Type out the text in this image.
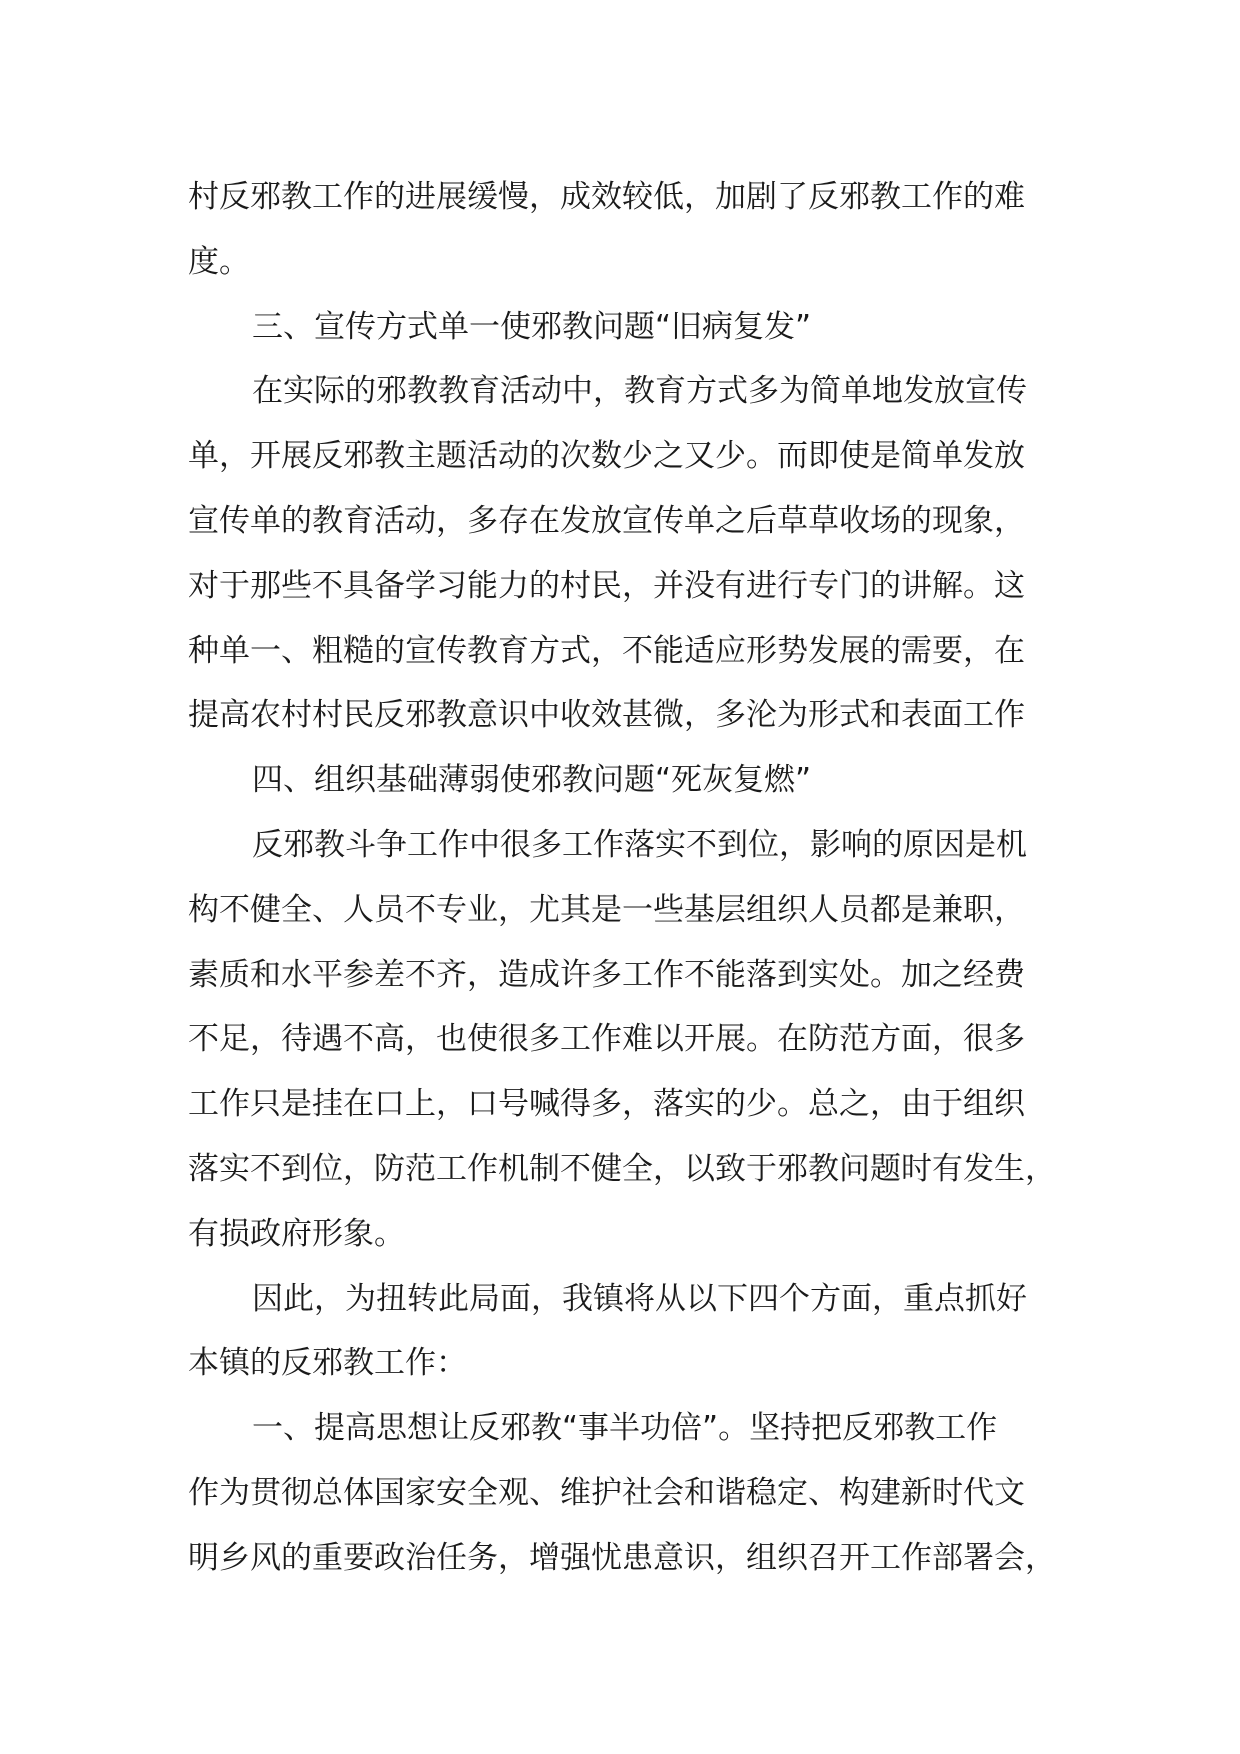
村反邪教工作的进展缓慢，成效较低，加剧了反邪教工作的难
度。
三、宣传方式单一使邪教问题“旧病复发”
在实际的邪教教育活动中，教育方式多为简单地发放宣传
单，开展反邪教主题活动的次数少之又少。而即使是简单发放
宣传单的教育活动，多存在发放宣传单之后草草收场的现象，
对于那些不具备学习能力的村民，并没有进行专门的讲解。这
种单一、粗糙的宣传教育方式，不能适应形势发展的需要，在
提高农村村民反邪教意识中收效甚微，多沦为形式和表面工作
四、组织基础薄弱使邪教问题“死灰复燃”
反邪教斗争工作中很多工作落实不到位，影响的原因是机
构不健全、人员不专业，尤其是一些基层组织人员都是兼职，
素质和水平参差不齐，造成许多工作不能落到实处。加之经费
不足，待遇不高，也使很多工作难以开展。在防范方面，很多
工作只是挂在口上，口号喊得多，落实的少。总之，由于组织
落实不到位，防范工作机制不健全，以致于邪教问题时有发生，
有损政府形象。
因此，为扭转此局面，我镇将从以下四个方面，重点抓好
本镇的反邪教工作：
一、提高思想让反邪教“事半功倍”。坚持把反邪教工作
作为贯彻总体国家安全观、维护社会和谐稳定、构建新时代文
明乡风的重要政治任务，增强忧患意识，组织召开工作部署会，
